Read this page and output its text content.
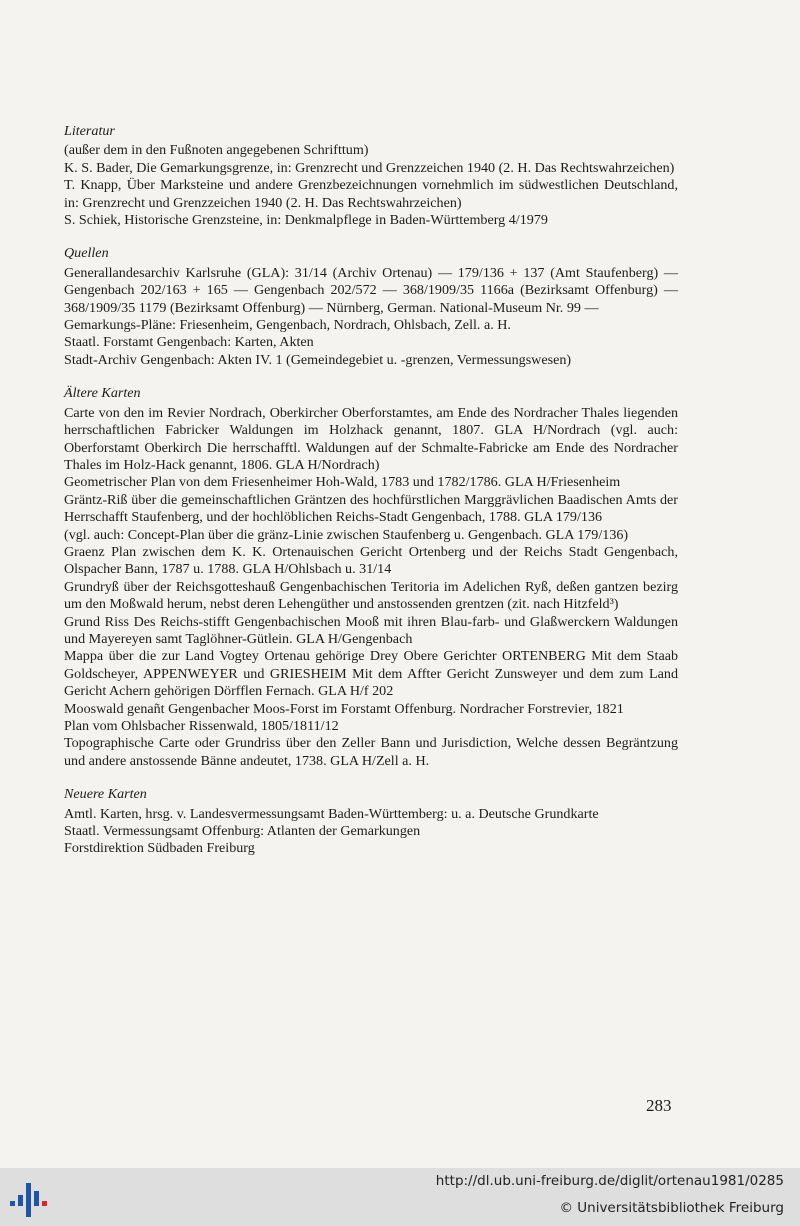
Literatur
(außer dem in den Fußnoten angegebenen Schrifttum)
K. S. Bader, Die Gemarkungsgrenze, in: Grenzrecht und Grenzzeichen 1940 (2. H. Das Rechtswahrzeichen)
T. Knapp, Über Marksteine und andere Grenzbezeichnungen vornehmlich im südwestlichen Deutschland, in: Grenzrecht und Grenzzeichen 1940 (2. H. Das Rechtswahrzeichen)
S. Schiek, Historische Grenzsteine, in: Denkmalpflege in Baden-Württemberg 4/1979
Quellen
Generallandesarchiv Karlsruhe (GLA): 31/14 (Archiv Ortenau) — 179/136 + 137 (Amt Staufenberg) — Gengenbach 202/163 + 165 — Gengenbach 202/572 — 368/1909/35 1166a (Bezirksamt Offenburg) — 368/1909/35 1179 (Bezirksamt Offenburg) — Nürnberg, German. National-Museum Nr. 99 —
Gemarkungs-Pläne: Friesenheim, Gengenbach, Nordrach, Ohlsbach, Zell. a. H.
Staatl. Forstamt Gengenbach: Karten, Akten
Stadt-Archiv Gengenbach: Akten IV. 1 (Gemeindegebiet u. -grenzen, Vermessungswesen)
Ältere Karten
Carte von den im Revier Nordrach, Oberkircher Oberforstamtes, am Ende des Nordracher Thales liegenden herrschaftlichen Fabricker Waldungen im Holzhack genannt, 1807. GLA H/Nordrach (vgl. auch: Oberforstamt Oberkirch Die herrschafftl. Waldungen auf der Schmalte-Fabricke am Ende des Nordracher Thales im Holz-Hack genannt, 1806. GLA H/Nordrach)
Geometrischer Plan von dem Friesenheimer Hoh-Wald, 1783 und 1782/1786. GLA H/Friesenheim
Gräntz-Riß über die gemeinschaftlichen Gräntzen des hochfürstlichen Marggrävlichen Baadischen Amts der Herrschafft Staufenberg, und der hochlöblichen Reichs-Stadt Gengenbach, 1788. GLA 179/136
(vgl. auch: Concept-Plan über die gränz-Linie zwischen Staufenberg u. Gengenbach. GLA 179/136)
Graenz Plan zwischen dem K. K. Ortenauischen Gericht Ortenberg und der Reichs Stadt Gengenbach, Olspacher Bann, 1787 u. 1788. GLA H/Ohlsbach u. 31/14
Grundryß über der Reichsgotteshauß Gengenbachischen Teritoria im Adelichen Ryß, deßen gantzen bezirg um den Moßwald herum, nebst deren Lehengüther und anstossenden grentzen (zit. nach Hitzfeld³)
Grund Riss Des Reichs-stifft Gengenbachischen Mooß mit ihren Blau-farb- und Glaßwerckern Waldungen und Mayereyen samt Taglöhner-Gütlein. GLA H/Gengenbach
Mappa über die zur Land Vogtey Ortenau gehörige Drey Obere Gerichter ORTENBERG Mit dem Staab Goldscheyer, APPENWEYER und GRIESHEIM Mit dem Affter Gericht Zunsweyer und dem zum Land Gericht Achern gehörigen Dörfflen Fernach. GLA H/f 202
Mooswald genañt Gengenbacher Moos-Forst im Forstamt Offenburg. Nordracher Forstrevier, 1821
Plan vom Ohlsbacher Rissenwald, 1805/1811/12
Topographische Carte oder Grundriss über den Zeller Bann und Jurisdiction, Welche dessen Begräntzung und andere anstossende Bänne andeutet, 1738. GLA H/Zell a. H.
Neuere Karten
Amtl. Karten, hrsg. v. Landesvermessungsamt Baden-Württemberg: u. a. Deutsche Grundkarte
Staatl. Vermessungsamt Offenburg: Atlanten der Gemarkungen
Forstdirektion Südbaden Freiburg
283
http://dl.ub.uni-freiburg.de/diglit/ortenau1981/0285
© Universitätsbibliothek Freiburg
